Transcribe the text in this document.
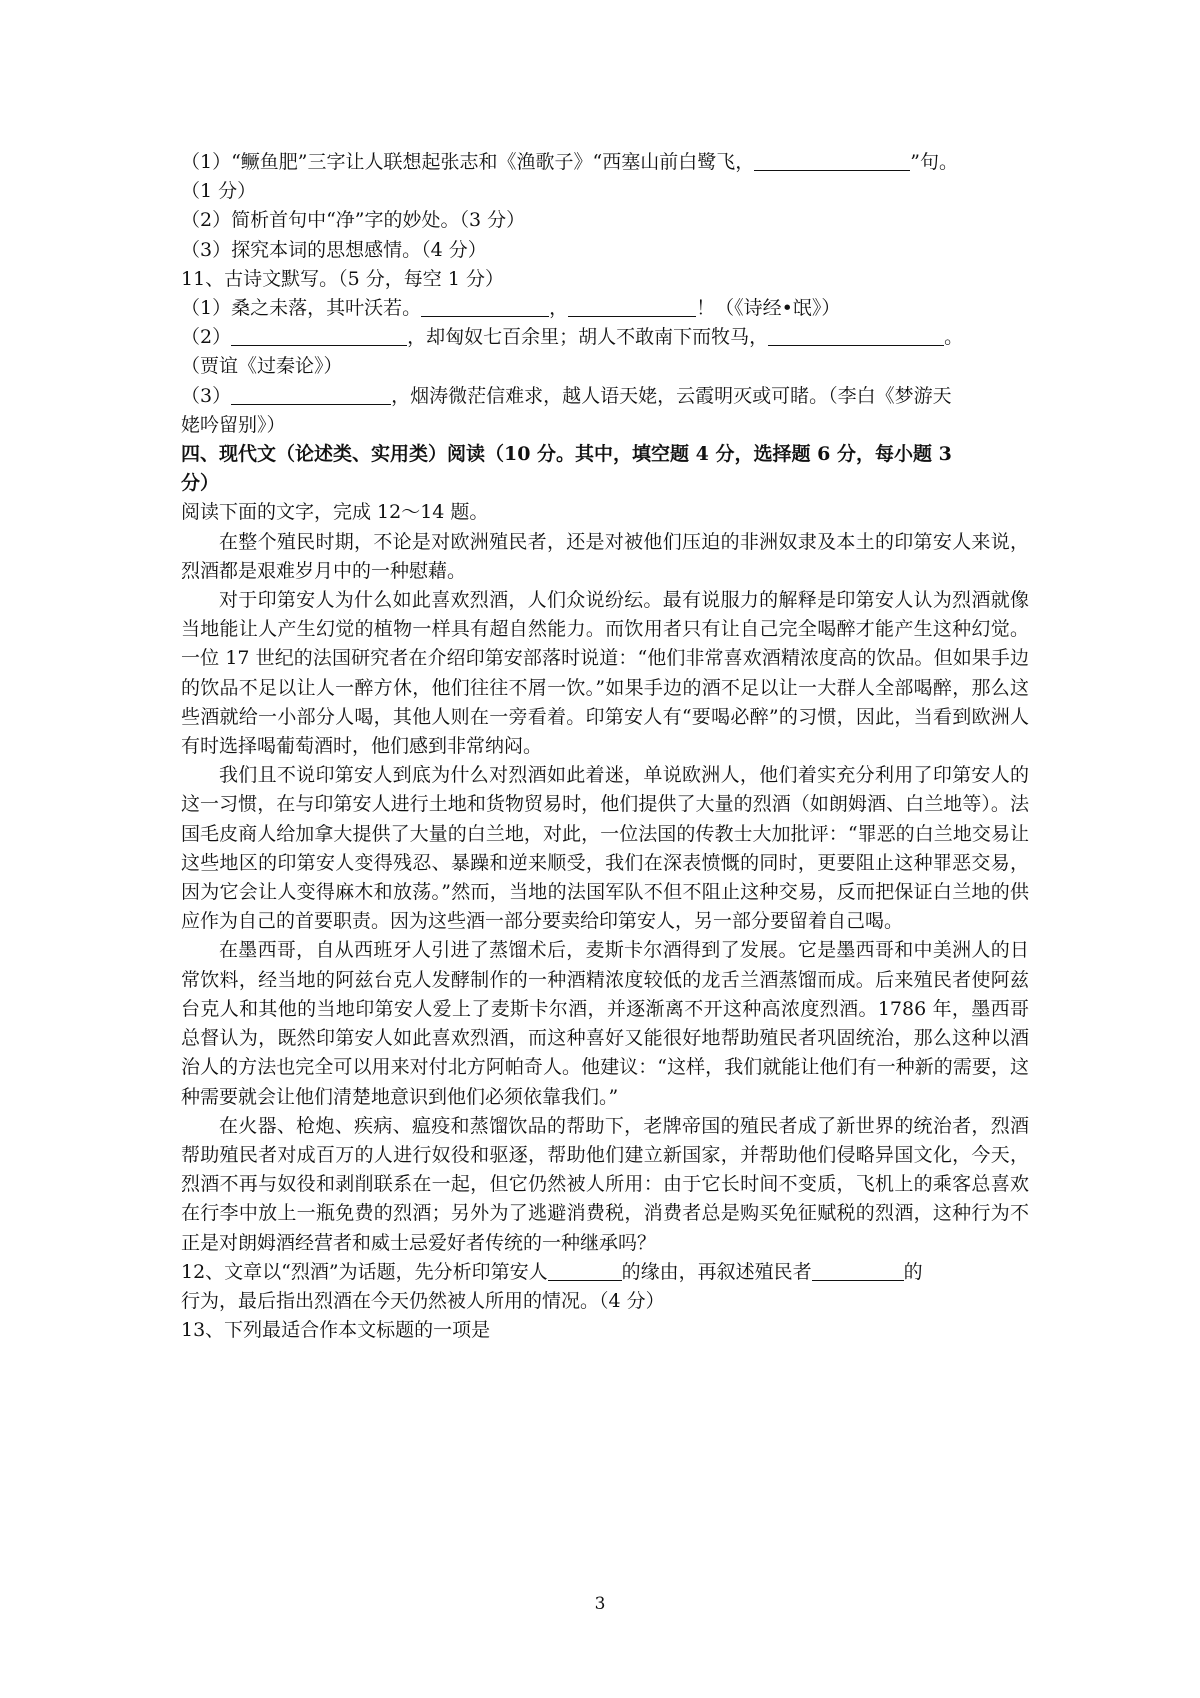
（1）“鳜鱼肥”三字让人联想起张志和《渔歌子》“西塞山前白鹭飞，	”句。
（1 分）
（2）简析首句中“净”字的妙处。（3 分）
（3）探究本词的思想感情。（4 分）
11、古诗文默写。（5 分，每空 1 分）
（1）桑之未落，其叶沃若。	，	！（《诗经•氓》）
（2）	，却匈奴七百余里；胡人不敢南下而牧马，	。
（贾谊《过秦论》）
（3）	，烟涛微茫信难求，越人语天姥，云霞明灭或可睹。（李白《梦游天
姥吟留别》）
四、现代文（论述类、实用类）阅读（10 分。其中，填空题 4 分，选择题 6 分，每小题 3
分）
阅读下面的文字，完成 12～14 题。
在整个殖民时期，不论是对欧洲殖民者，还是对被他们压迫的非洲奴隶及本土的印第安人来说，烈酒都是艰难岁月中的一种慰藉。
对于印第安人为什么如此喜欢烈酒，人们众说纷纭。最有说服力的解释是印第安人认为烈酒就像当地能让人产生幻觉的植物一样具有超自然能力。而饮用者只有让自己完全喝醉才能产生这种幻觉。一位 17 世纪的法国研究者在介绍印第安部落时说道：“他们非常喜欢酒精浓度高的饮品。但如果手边的饮品不足以让人一醉方休，他们往往不屑一饮。”如果手边的酒不足以让一大群人全部喝醉，那么这些酒就给一小部分人喝，其他人则在一旁看着。印第安人有“要喝必醉”的习惯，因此，当看到欧洲人有时选择喝葡萄酒时，他们感到非常纳闷。
我们且不说印第安人到底为什么对烈酒如此着迷，单说欧洲人，他们着实充分利用了印第安人的这一习惯，在与印第安人进行土地和货物贸易时，他们提供了大量的烈酒（如朗姆酒、白兰地等）。法国毛皮商人给加拿大提供了大量的白兰地，对此，一位法国的传教士大加批评：“罪恶的白兰地交易让这些地区的印第安人变得残忍、暴躁和逆来顺受，我们在深表愤慨的同时，更要阻止这种罪恶交易，因为它会让人变得麻木和放荡。”然而，当地的法国军队不但不阻止这种交易，反而把保证白兰地的供应作为自己的首要职责。因为这些酒一部分要卖给印第安人，另一部分要留着自己喝。
在墨西哥，自从西班牙人引进了蒸馏术后，麦斯卡尔酒得到了发展。它是墨西哥和中美洲人的日常饮料，经当地的阿兹台克人发酵制作的一种酒精浓度较低的龙舌兰酒蒸馏而成。后来殖民者使阿兹台克人和其他的当地印第安人爱上了麦斯卡尔酒，并逐渐离不开这种高浓度烈酒。1786 年，墨西哥总督认为，既然印第安人如此喜欢烈酒，而这种喜好又能很好地帮助殖民者巩固统治，那么这种以酒治人的方法也完全可以用来对付北方阿帕奇人。他建议：“这样，我们就能让他们有一种新的需要，这种需要就会让他们清楚地意识到他们必须依靠我们。”
在火器、枪炮、疾病、瘟疫和蒸馏饮品的帮助下，老牌帝国的殖民者成了新世界的统治者，烈酒帮助殖民者对成百万的人进行奴役和驱逐，帮助他们建立新国家，并帮助他们侵略异国文化，今天，烈酒不再与奴役和剥削联系在一起，但它仍然被人所用：由于它长时间不变质，飞机上的乘客总喜欢在行李中放上一瓶免费的烈酒；另外为了逃避消费税，消费者总是购买免征赋税的烈酒，这种行为不正是对朗姆酒经营者和威士忌爱好者传统的一种继承吗？
12、文章以“烈酒”为话题，先分析印第安人	的缘由，再叙述殖民者	的
行为，最后指出烈酒在今天仍然被人所用的情况。（4 分）
13、下列最适合作本文标题的一项是
3
